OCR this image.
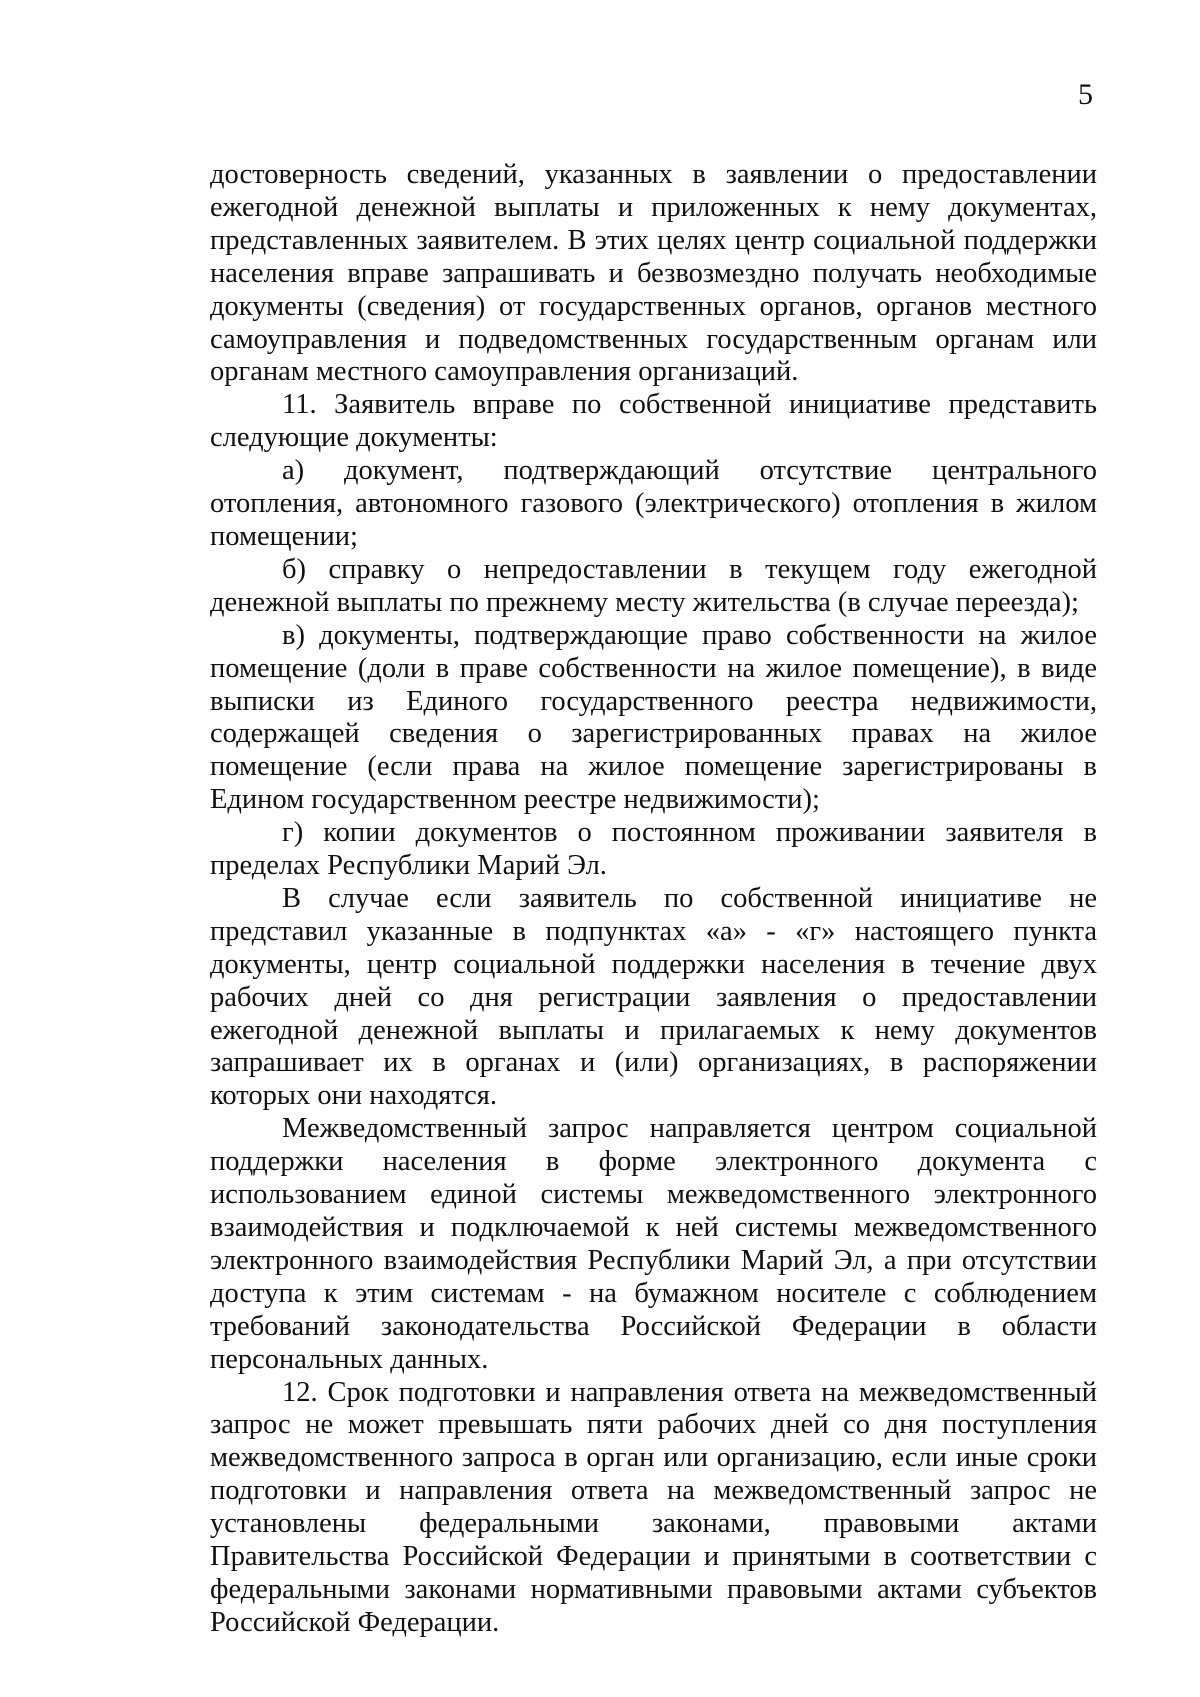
5

достоверность сведений, указанных в заявлении о предоставлении ежегодной денежной выплаты и приложенных к нему документах, представленных заявителем. В этих целях центр социальной поддержки населения вправе запрашивать и безвозмездно получать необходимые документы (сведения) от государственных органов, органов местного самоуправления и подведомственных государственным органам или органам местного самоуправления организаций.

11. Заявитель вправе по собственной инициативе представить следующие документы:

а) документ, подтверждающий отсутствие центрального отопления, автономного газового (электрического) отопления в жилом помещении;

б) справку о непредоставлении в текущем году ежегодной денежной выплаты по прежнему месту жительства (в случае переезда);

в) документы, подтверждающие право собственности на жилое помещение (доли в праве собственности на жилое помещение), в виде выписки из Единого государственного реестра недвижимости, содержащей сведения о зарегистрированных правах на жилое помещение (если права на жилое помещение зарегистрированы в Едином государственном реестре недвижимости);

г) копии документов о постоянном проживании заявителя в пределах Республики Марий Эл.

В случае если заявитель по собственной инициативе не представил указанные в подпунктах «а» - «г» настоящего пункта документы, центр социальной поддержки населения в течение двух рабочих дней со дня регистрации заявления о предоставлении ежегодной денежной выплаты и прилагаемых к нему документов запрашивает их в органах и (или) организациях, в распоряжении которых они находятся.

Межведомственный запрос направляется центром социальной поддержки населения в форме электронного документа с использованием единой системы межведомственного электронного взаимодействия и подключаемой к ней системы межведомственного электронного взаимодействия Республики Марий Эл, а при отсутствии доступа к этим системам - на бумажном носителе с соблюдением требований законодательства Российской Федерации в области персональных данных.

12. Срок подготовки и направления ответа на межведомственный запрос не может превышать пяти рабочих дней со дня поступления межведомственного запроса в орган или организацию, если иные сроки подготовки и направления ответа на межведомственный запрос не установлены федеральными законами, правовыми актами Правительства Российской Федерации и принятыми в соответствии с федеральными законами нормативными правовыми актами субъектов Российской Федерации.
